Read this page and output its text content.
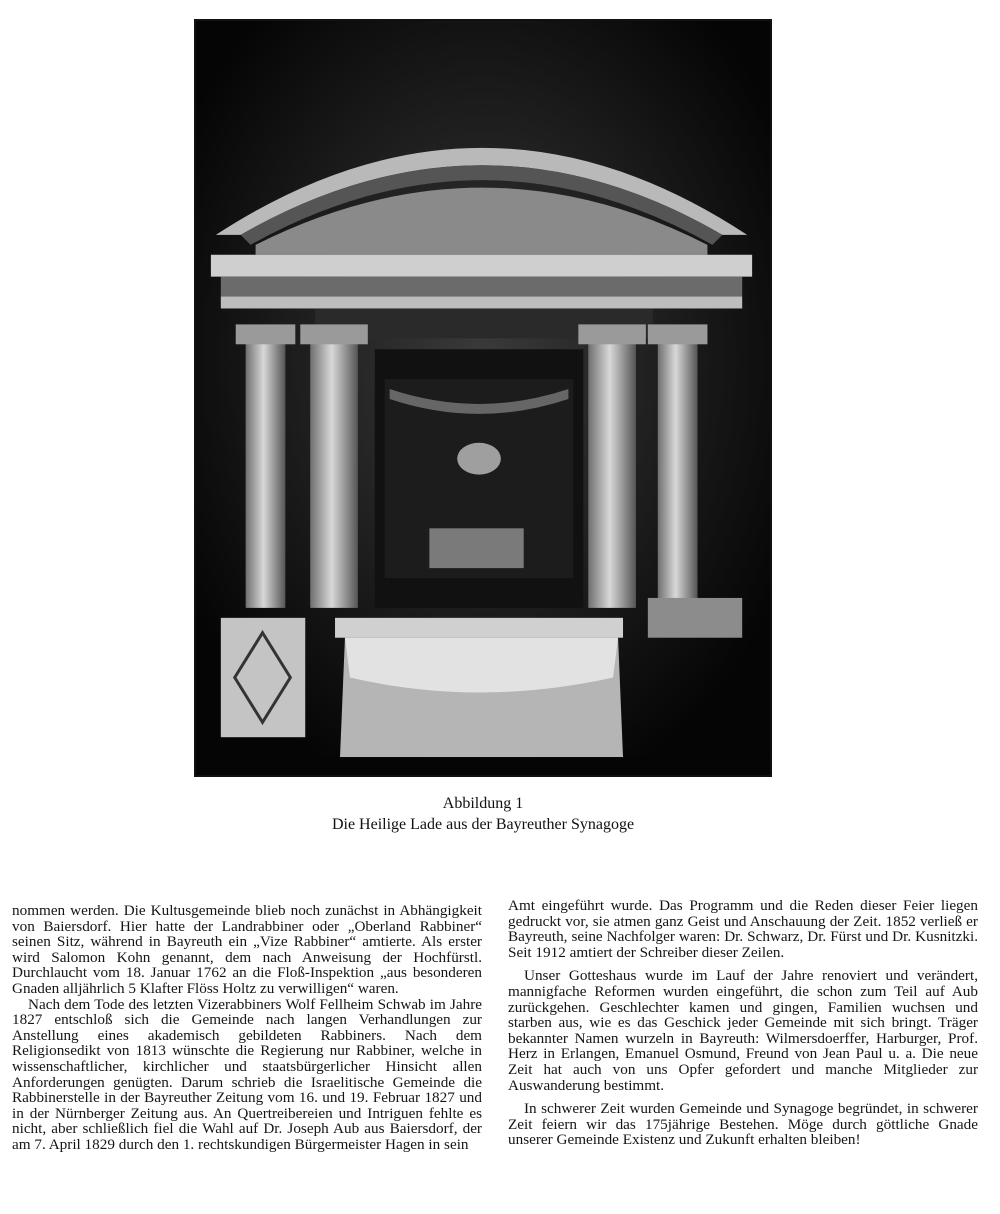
Abbildung 1
Die Heilige Lade aus der Bayreuther Synagoge

nommen werden. Die Kultusgemeinde blieb noch zunächst in Abhängigkeit von Baiersdorf. Hier hatte der Landrabbiner oder „Oberland Rabbiner“ seinen Sitz, während in Bayreuth ein „Vize Rabbiner“ amtierte. Als erster wird Salomon Kohn genannt, dem nach Anweisung der Hochfürstl. Durchlaucht vom 18. Januar 1762 an die Floß-Inspektion „aus besonderen Gnaden alljährlich 5 Klafter Flöss Holtz zu verwilligen“ waren.

Nach dem Tode des letzten Vizerabbiners Wolf Fellheim Schwab im Jahre 1827 entschloß sich die Gemeinde nach langen Verhandlungen zur Anstellung eines akademisch gebildeten Rabbiners. Nach dem Religionsedikt von 1813 wünschte die Regierung nur Rabbiner, welche in wissenschaftlicher, kirchlicher und staatsbürgerlicher Hinsicht allen Anforderungen genügten. Darum schrieb die Israelitische Gemeinde die Rabbinerstelle in der Bayreuther Zeitung vom 16. und 19. Februar 1827 und in der Nürnberger Zeitung aus. An Quertreibereien und Intriguen fehlte es nicht, aber schließlich fiel die Wahl auf Dr. Joseph Aub aus Baiersdorf, der am 7. April 1829 durch den 1. rechtskundigen Bürgermeister Hagen in sein

Amt eingeführt wurde. Das Programm und die Reden dieser Feier liegen gedruckt vor, sie atmen ganz Geist und Anschauung der Zeit. 1852 verließ er Bayreuth, seine Nachfolger waren: Dr. Schwarz, Dr. Fürst und Dr. Kusnitzki. Seit 1912 amtiert der Schreiber dieser Zeilen.

Unser Gotteshaus wurde im Lauf der Jahre renoviert und verändert, mannigfache Reformen wurden eingeführt, die schon zum Teil auf Aub zurückgehen. Geschlechter kamen und gingen, Familien wuchsen und starben aus, wie es das Geschick jeder Gemeinde mit sich bringt. Träger bekannter Namen wurzeln in Bayreuth: Wilmersdoerffer, Harburger, Prof. Herz in Erlangen, Emanuel Osmund, Freund von Jean Paul u. a. Die neue Zeit hat auch von uns Opfer gefordert und manche Mitglieder zur Auswanderung bestimmt.

In schwerer Zeit wurden Gemeinde und Synagoge begründet, in schwerer Zeit feiern wir das 175jährige Bestehen. Möge durch göttliche Gnade unserer Gemeinde Existenz und Zukunft erhalten bleiben!
